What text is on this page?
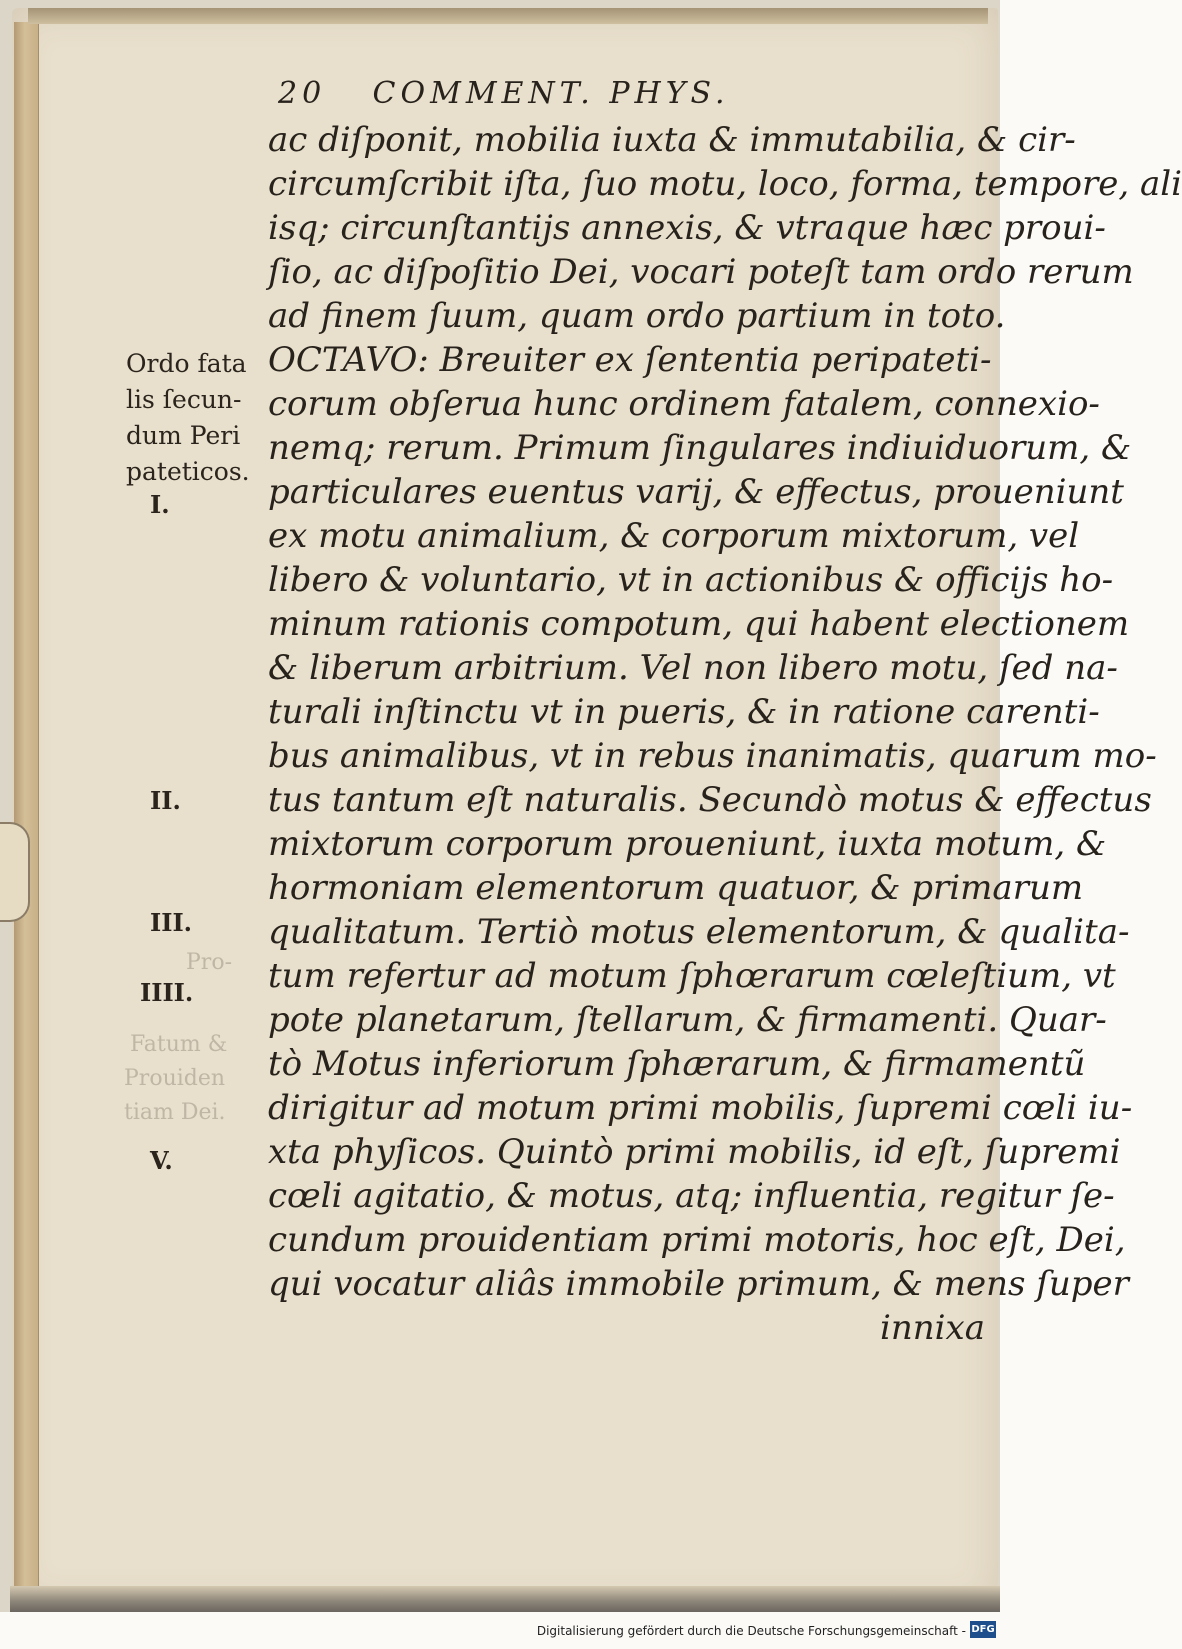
20 COMMENT. PHYS.
ac diſponit, mobilia iuxta & immutabilia, & cir-
circumſcribit iſta, ſuo motu, loco, forma, tempore, ali
isq; circunſtantijs annexis, & vtraque hæc proui-
ſio, ac diſpoſitio Dei, vocari poteſt tam ordo rerum
ad finem ſuum, quam ordo partium in toto.
OCTAVO: Breuiter ex ſententia peripateti-
corum obſerua hunc ordinem fatalem, connexio-
nemq; rerum. Primum ſingulares indiuiduorum, &
particulares euentus varij, & effectus, proueniunt
ex motu animalium, & corporum mixtorum, vel
libero & voluntario, vt in actionibus & officijs ho-
minum rationis compotum, qui habent electionem
& liberum arbitrium. Vel non libero motu, ſed na-
turali inſtinctu vt in pueris, & in ratione carenti-
bus animalibus, vt in rebus inanimatis, quarum mo-
tus tantum eſt naturalis. Secundò motus & effectus
mixtorum corporum proueniunt, iuxta motum, &
hormoniam elementorum quatuor, & primarum
qualitatum. Tertiò motus elementorum, & qualita-
tum refertur ad motum ſphœrarum cœleſtium, vt
pote planetarum, ſtellarum, & firmamenti. Quar-
tò Motus inferiorum ſphærarum, & firmamentũ
dirigitur ad motum primi mobilis, ſupremi cœli iu-
xta phyſicos. Quintò primi mobilis, id eſt, ſupremi
cœli agitatio, & motus, atq; influentia, regitur ſe-
cundum prouidentiam primi motoris, hoc eſt, Dei,
qui vocatur aliâs immobile primum, & mens ſuper
innixa
Ordo fata
lis ſecun-
dum Peri
pateticos.
I.
II.
III.
IIII.
V.
Pro-
Fatum &
Prouiden
tiam Dei.
Digitalisierung gefördert durch die Deutsche Forschungsgemeinschaft - DFG
